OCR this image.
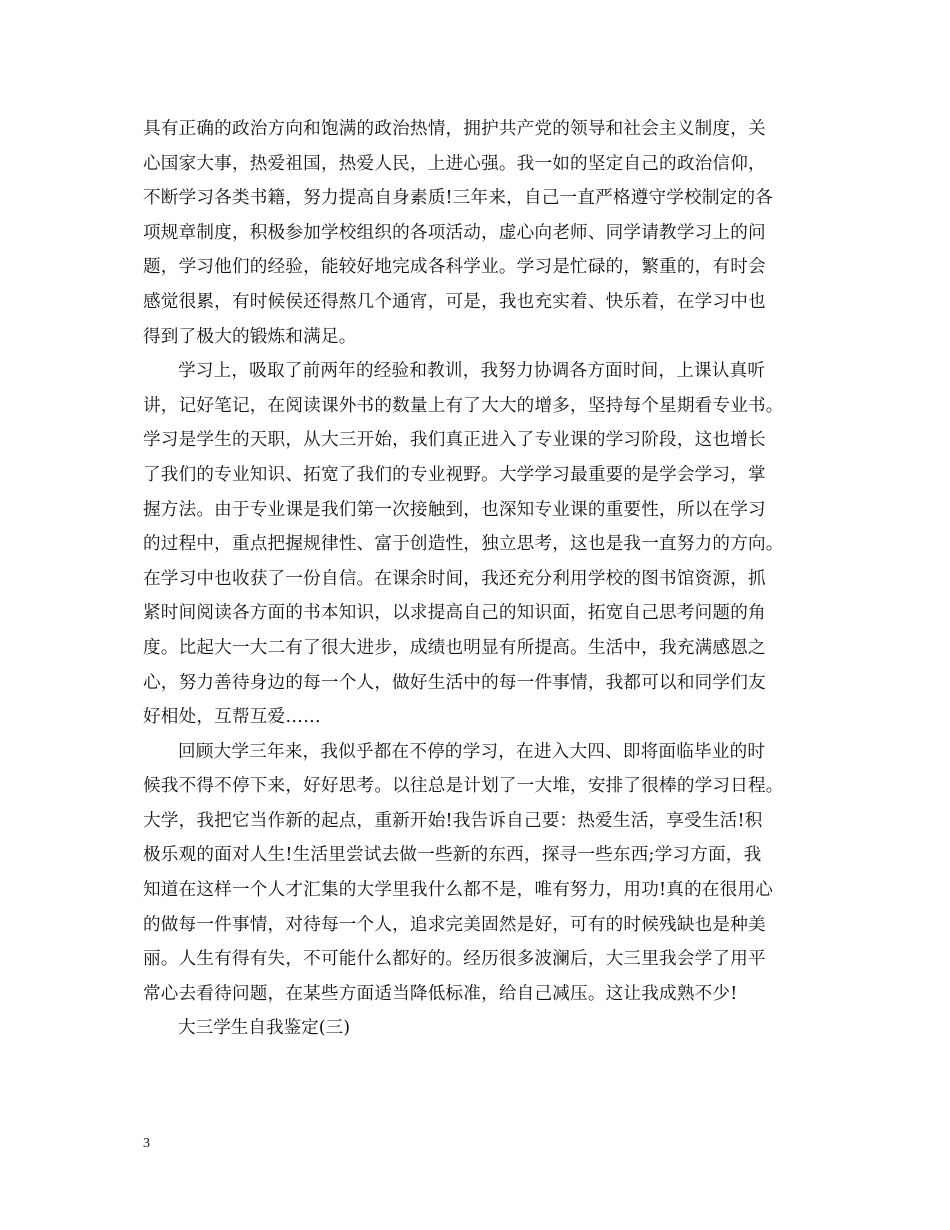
具有正确的政治方向和饱满的政治热情，拥护共产党的领导和社会主义制度，关
心国家大事，热爱祖国，热爱人民，上进心强。我一如的坚定自己的政治信仰，
不断学习各类书籍，努力提高自身素质!三年来，自己一直严格遵守学校制定的各
项规章制度，积极参加学校组织的各项活动，虚心向老师、同学请教学习上的问
题，学习他们的经验，能较好地完成各科学业。学习是忙碌的，繁重的，有时会
感觉很累，有时候侯还得熬几个通宵，可是，我也充实着、快乐着，在学习中也
得到了极大的锻炼和满足。
学习上，吸取了前两年的经验和教训，我努力协调各方面时间，上课认真听
讲，记好笔记，在阅读课外书的数量上有了大大的增多，坚持每个星期看专业书。
学习是学生的天职，从大三开始，我们真正进入了专业课的学习阶段，这也增长
了我们的专业知识、拓宽了我们的专业视野。大学学习最重要的是学会学习，掌
握方法。由于专业课是我们第一次接触到，也深知专业课的重要性，所以在学习
的过程中，重点把握规律性、富于创造性，独立思考，这也是我一直努力的方向。
在学习中也收获了一份自信。在课余时间，我还充分利用学校的图书馆资源，抓
紧时间阅读各方面的书本知识，以求提高自己的知识面，拓宽自己思考问题的角
度。比起大一大二有了很大进步，成绩也明显有所提高。生活中，我充满感恩之
心，努力善待身边的每一个人，做好生活中的每一件事情，我都可以和同学们友
好相处，互帮互爱……
回顾大学三年来，我似乎都在不停的学习，在进入大四、即将面临毕业的时
候我不得不停下来，好好思考。以往总是计划了一大堆，安排了很棒的学习日程。
大学，我把它当作新的起点，重新开始!我告诉自己要：热爱生活，享受生活!积
极乐观的面对人生!生活里尝试去做一些新的东西，探寻一些东西;学习方面，我
知道在这样一个人才汇集的大学里我什么都不是，唯有努力，用功!真的在很用心
的做每一件事情，对待每一个人，追求完美固然是好，可有的时候残缺也是种美
丽。人生有得有失，不可能什么都好的。经历很多波澜后，大三里我会学了用平
常心去看待问题，在某些方面适当降低标准，给自己减压。这让我成熟不少!

大三学生自我鉴定(三)

3
